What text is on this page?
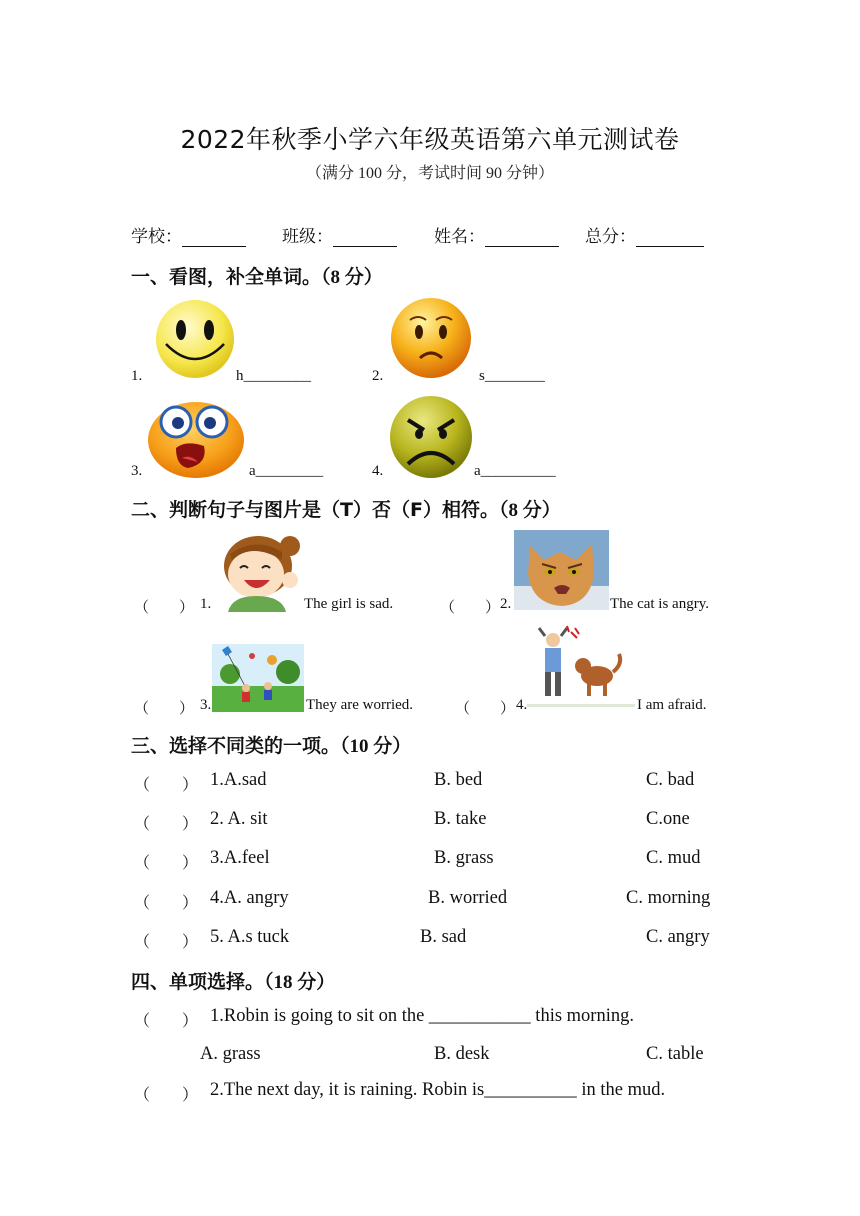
2022年秋季小学六年级英语第六单元测试卷
（满分 100 分，考试时间 90 分钟）
学校：	班级：	姓名：	总分：
一、看图，补全单词。（8 分）
1.	h_________	2.	s________
3.	a_________	4.	a__________
二、判断句子与图片是（T）否（F）相符。（8 分）
（　　） 1.	The girl is sad.	（　　） 2.	The cat is angry.
（　　） 3.	They are worried.	（　　） 4.	I am afraid.
三、选择不同类的一项。（10 分）
（　　） 1.A.sad	B. bed	C. bad
（　　） 2. A. sit	B. take	C.one
（　　） 3.A.feel	B. grass	C. mud
（　　） 4.A. angry	B. worried	C. morning
（　　） 5. A.s tuck	B. sad	C. angry
四、单项选择。（18 分）
（　　） 1.Robin is going to sit on the ___________ this morning.
A. grass	B. desk	C. table
（　　） 2.The next day, it is raining. Robin is__________ in the mud.
